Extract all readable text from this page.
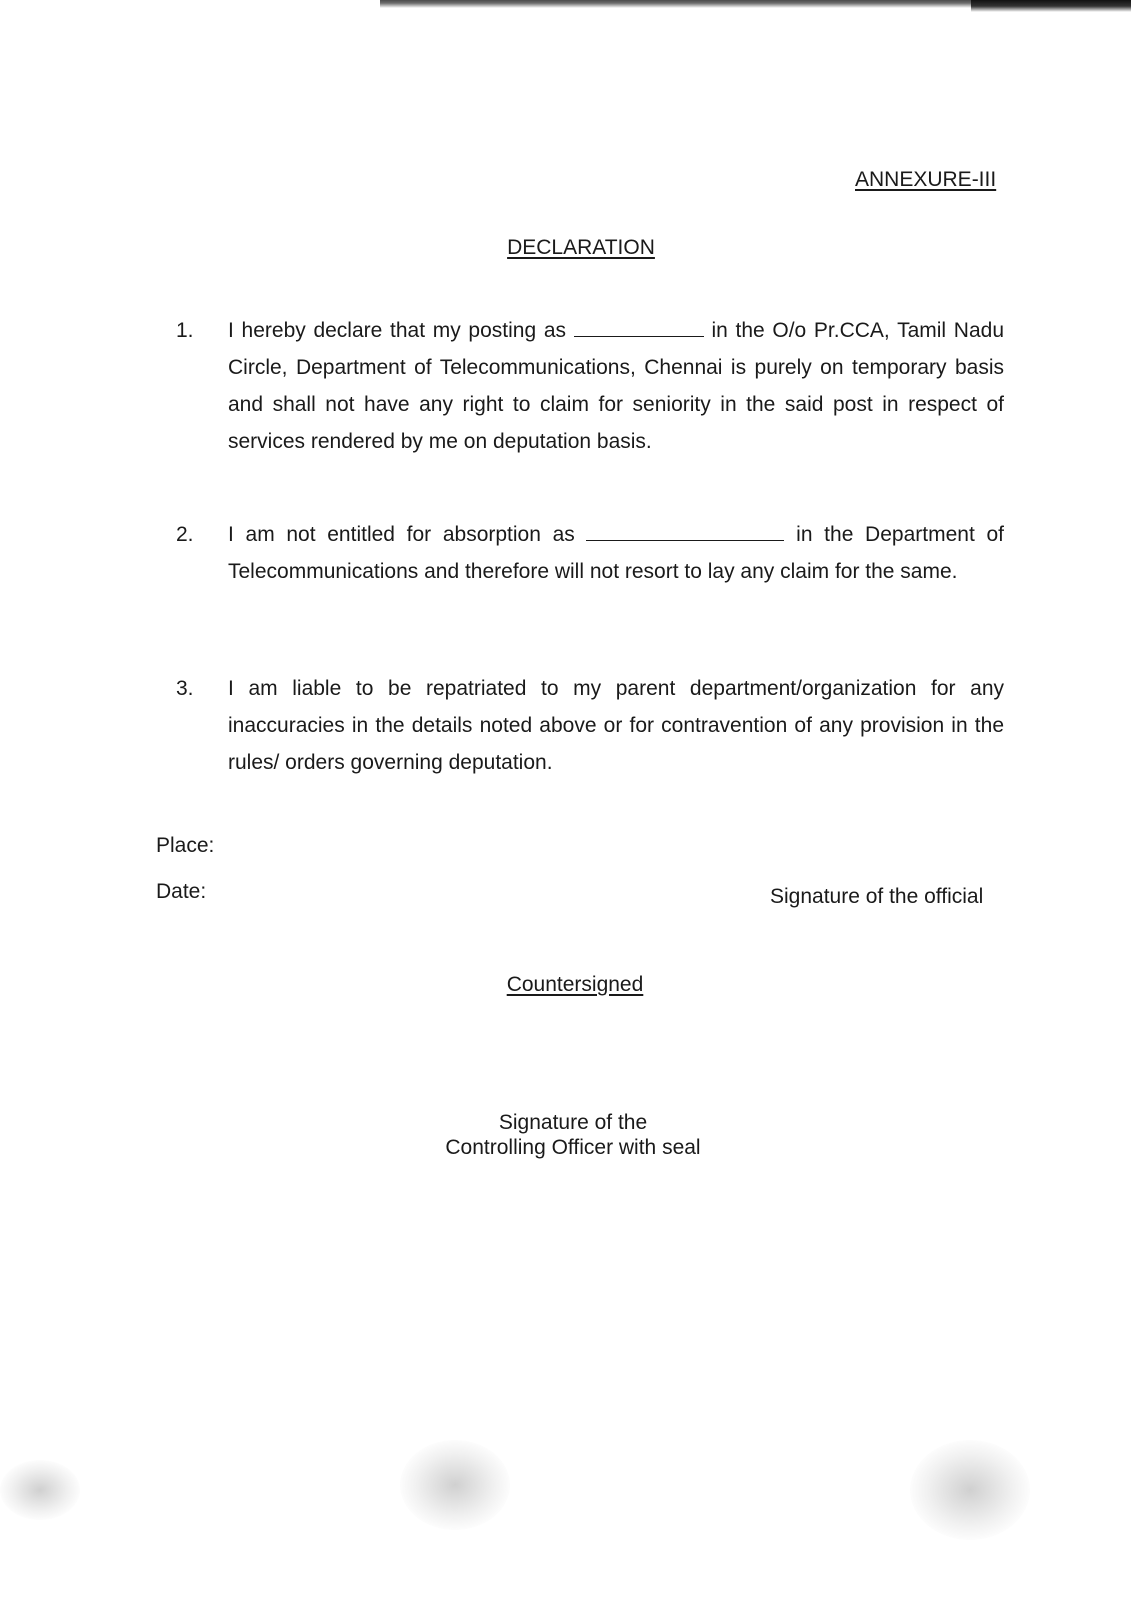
ANNEXURE-III
DECLARATION
1. I hereby declare that my posting as	in the O/o Pr.CCA, Tamil Nadu Circle, Department of Telecommunications, Chennai is purely on temporary basis and shall not have any right to claim for seniority in the said post in respect of services rendered by me on deputation basis.
2. I am not entitled for absorption as	in the Department of Telecommunications and therefore will not resort to lay any claim for the same.
3. I am liable to be repatriated to my parent department/organization for any inaccuracies in the details noted above or for contravention of any provision in the rules/ orders governing deputation.
Place:
Date:	Signature of the official
Countersigned
Signature of the
Controlling Officer with seal
